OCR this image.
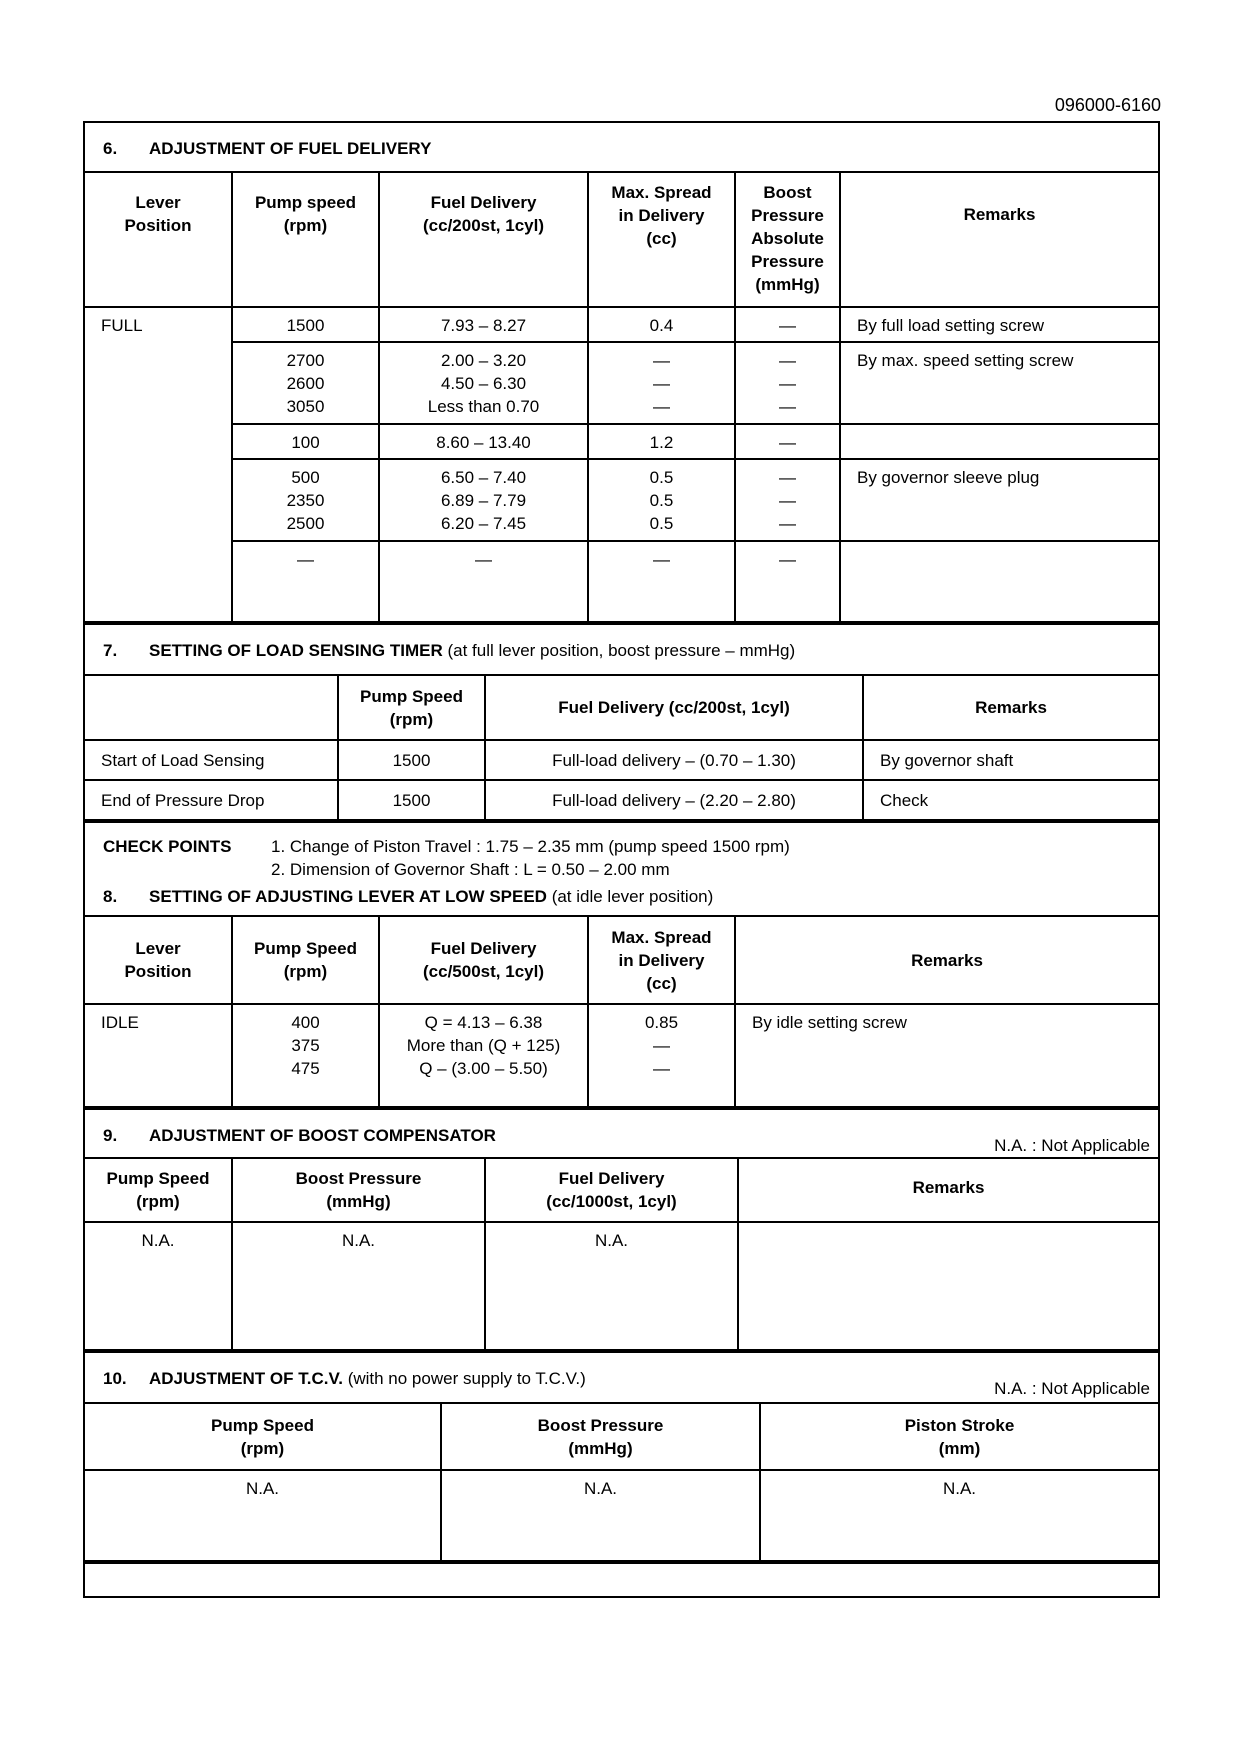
096000-6160
6. ADJUSTMENT OF FUEL DELIVERY
Lever
Position	Pump speed
(rpm)	Fuel Delivery
(cc/200st, 1cyl)	Max. Spread
in Delivery
(cc)	Boost
Pressure
Absolute
Pressure
(mmHg)	Remarks
FULL	1500	7.93 – 8.27	0.4	—	By full load setting screw

	2700
2600
3050	2.00 – 3.20
4.50 – 6.30
Less than 0.70	—
—
—	—
—
—	By max. speed setting screw

	100	8.60 – 13.40	1.2	—	

	500
2350
2500	6.50 – 7.40
6.89 – 7.79
6.20 – 7.45	0.5
0.5
0.5	—
—
—	By governor sleeve plug

	—	—	—	—	

7. SETTING OF LOAD SENSING TIMER (at full lever position, boost pressure – mmHg)

	Pump Speed
(rpm)	Fuel Delivery (cc/200st, 1cyl)	Remarks
Start of Load Sensing	1500	Full-load delivery – (0.70 – 1.30)	By governor shaft
End of Pressure Drop	1500	Full-load delivery – (2.20 – 2.80)	Check
CHECK POINTS 1. Change of Piston Travel : 1.75 – 2.35 mm (pump speed 1500 rpm)
2. Dimension of Governor Shaft : L = 0.50 – 2.00 mm
8. SETTING OF ADJUSTING LEVER AT LOW SPEED (at idle lever position)
Lever
Position	Pump Speed
(rpm)	Fuel Delivery
(cc/500st, 1cyl)	Max. Spread
in Delivery
(cc)	Remarks
IDLE	400
375
475	Q = 4.13 – 6.38
More than (Q + 125)
Q – (3.00 – 5.50)	0.85
—
—	By idle setting screw
9. ADJUSTMENT OF BOOST COMPENSATOR
N.A. : Not Applicable
Pump Speed
(rpm)	Boost Pressure
(mmHg)	Fuel Delivery
(cc/1000st, 1cyl)	Remarks
N.A.	N.A.	N.A.	
10. ADJUSTMENT OF T.C.V. (with no power supply to T.C.V.)
N.A. : Not Applicable
Pump Speed
(rpm)	Boost Pressure
(mmHg)	Piston Stroke
(mm)

N.A.	N.A.	N.A.
